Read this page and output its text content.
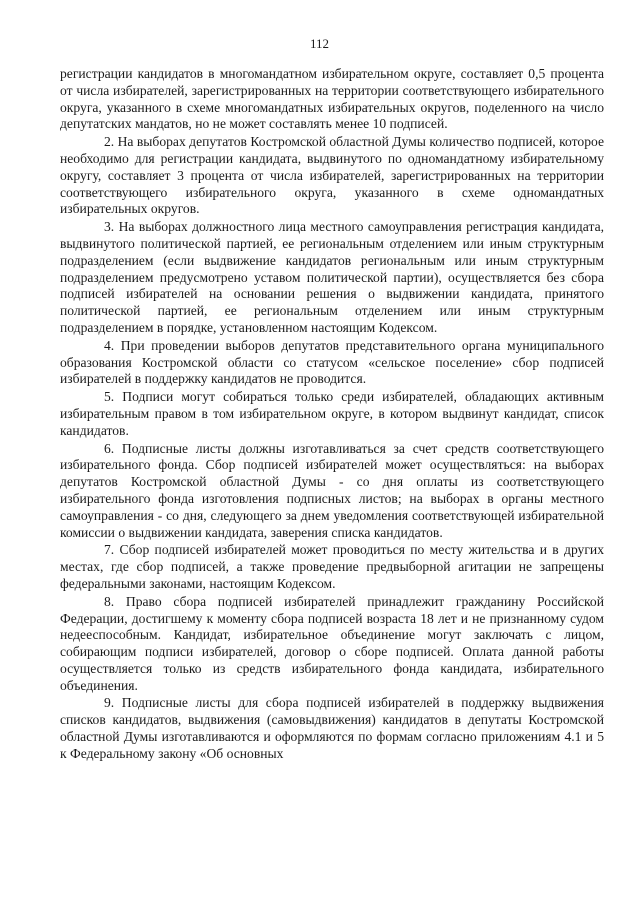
112

регистрации кандидатов в многомандатном избирательном округе, составляет 0,5 процента от числа избирателей, зарегистрированных на территории соответствующего избирательного округа, указанного в схеме многомандатных избирательных округов, поделенного на число депутатских мандатов, но не может составлять менее 10 подписей.

2. На выборах депутатов Костромской областной Думы количество подписей, которое необходимо для регистрации кандидата, выдвинутого по одномандатному избирательному округу, составляет 3 процента от числа избирателей, зарегистрированных на территории соответствующего избирательного округа, указанного в схеме одномандатных избирательных округов.

3. На выборах должностного лица местного самоуправления регистрация кандидата, выдвинутого политической партией, ее региональным отделением или иным структурным подразделением (если выдвижение кандидатов региональным или иным структурным подразделением предусмотрено уставом политической партии), осуществляется без сбора подписей избирателей на основании решения о выдвижении кандидата, принятого политической партией, ее региональным отделением или иным структурным подразделением в порядке, установленном настоящим Кодексом.

4. При проведении выборов депутатов представительного органа муниципального образования Костромской области со статусом «сельское поселение» сбор подписей избирателей в поддержку кандидатов не проводится.

5. Подписи могут собираться только среди избирателей, обладающих активным избирательным правом в том избирательном округе, в котором выдвинут кандидат, список кандидатов.

6. Подписные листы должны изготавливаться за счет средств соответствующего избирательного фонда. Сбор подписей избирателей может осуществляться: на выборах депутатов Костромской областной Думы - со дня оплаты из соответствующего избирательного фонда изготовления подписных листов; на выборах в органы местного самоуправления - со дня, следующего за днем уведомления соответствующей избирательной комиссии о выдвижении кандидата, заверения списка кандидатов.

7. Сбор подписей избирателей может проводиться по месту жительства и в других местах, где сбор подписей, а также проведение предвыборной агитации не запрещены федеральными законами, настоящим Кодексом.

8. Право сбора подписей избирателей принадлежит гражданину Российской Федерации, достигшему к моменту сбора подписей возраста 18 лет и не признанному судом недееспособным. Кандидат, избирательное объединение могут заключать с лицом, собирающим подписи избирателей, договор о сборе подписей. Оплата данной работы осуществляется только из средств избирательного фонда кандидата, избирательного объединения.

9. Подписные листы для сбора подписей избирателей в поддержку выдвижения списков кандидатов, выдвижения (самовыдвижения) кандидатов в депутаты Костромской областной Думы изготавливаются и оформляются по формам согласно приложениям 4.1 и 5 к Федеральному закону «Об основных
